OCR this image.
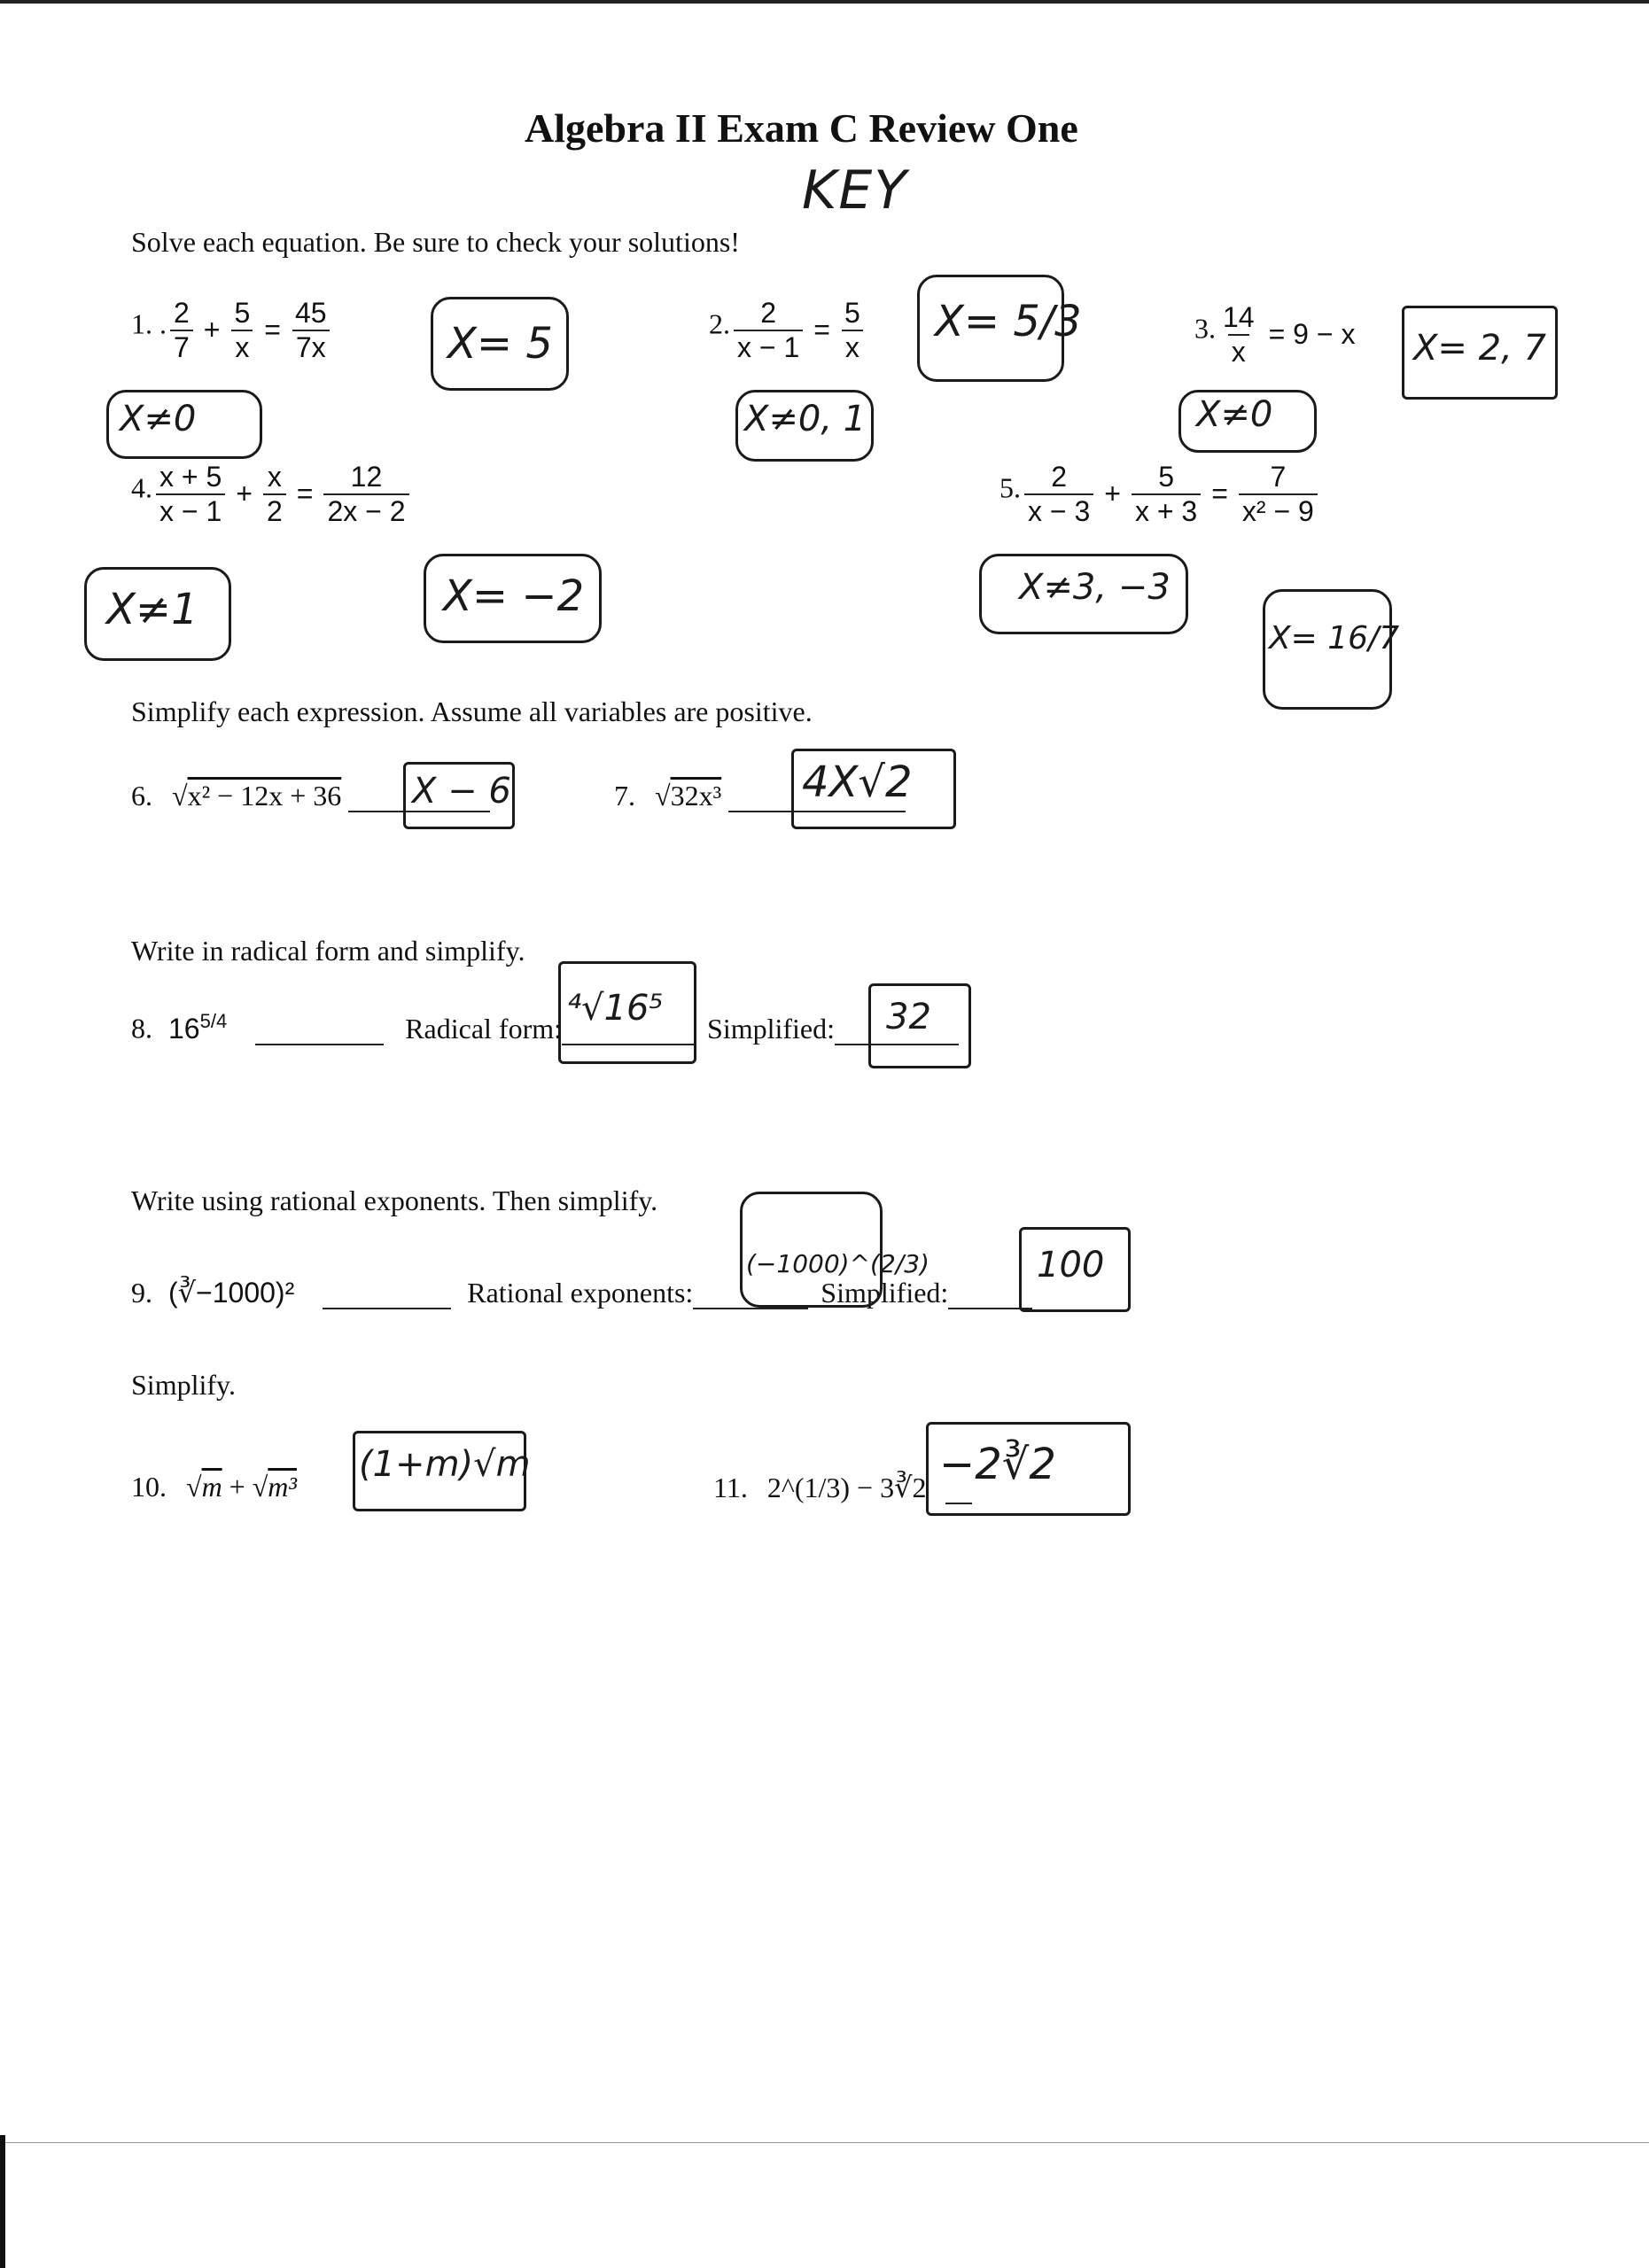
Algebra II Exam C Review One
KEY
Solve each equation. Be sure to check your solutions!
1. . $\frac{2}{7} + \frac{5}{x} = \frac{45}{7x}$	X= 5
X≠0
2. $\frac{2}{x - 1} = \frac{5}{x} X= 5/3$
X≠0, 1
3. $\frac{14}{x} = 9 - x$ X= 2, 7
X≠0
4. $\frac{x + 5}{x - 1} + \frac{x}{2} = \frac{12}{2x - 2}$
X≠1	X= −2
5. $\frac{2}{x - 3} + \frac{5}{x + 3} = \frac{7}{\text{x² − 9}}$
X≠3, −3
X= 16/7
Simplify each expression. Assume all variables are positive.
6. √x² − 12x + 36	X − 6	7. √32x³	4X√2
Write in radical form and simplify.
8. $16^{5/4}$	Radical form:	Simplified:
⁴√16⁵	32
Write using rational exponents. Then simplify.
9. (∛−1000)²	Rational exponents:	Simplified:
(−1000)^(2/3)	100
Simplify.
10. √m + √m³
(1+m)√m
11. 2^(1/3) − 3∛2 −2∛2
